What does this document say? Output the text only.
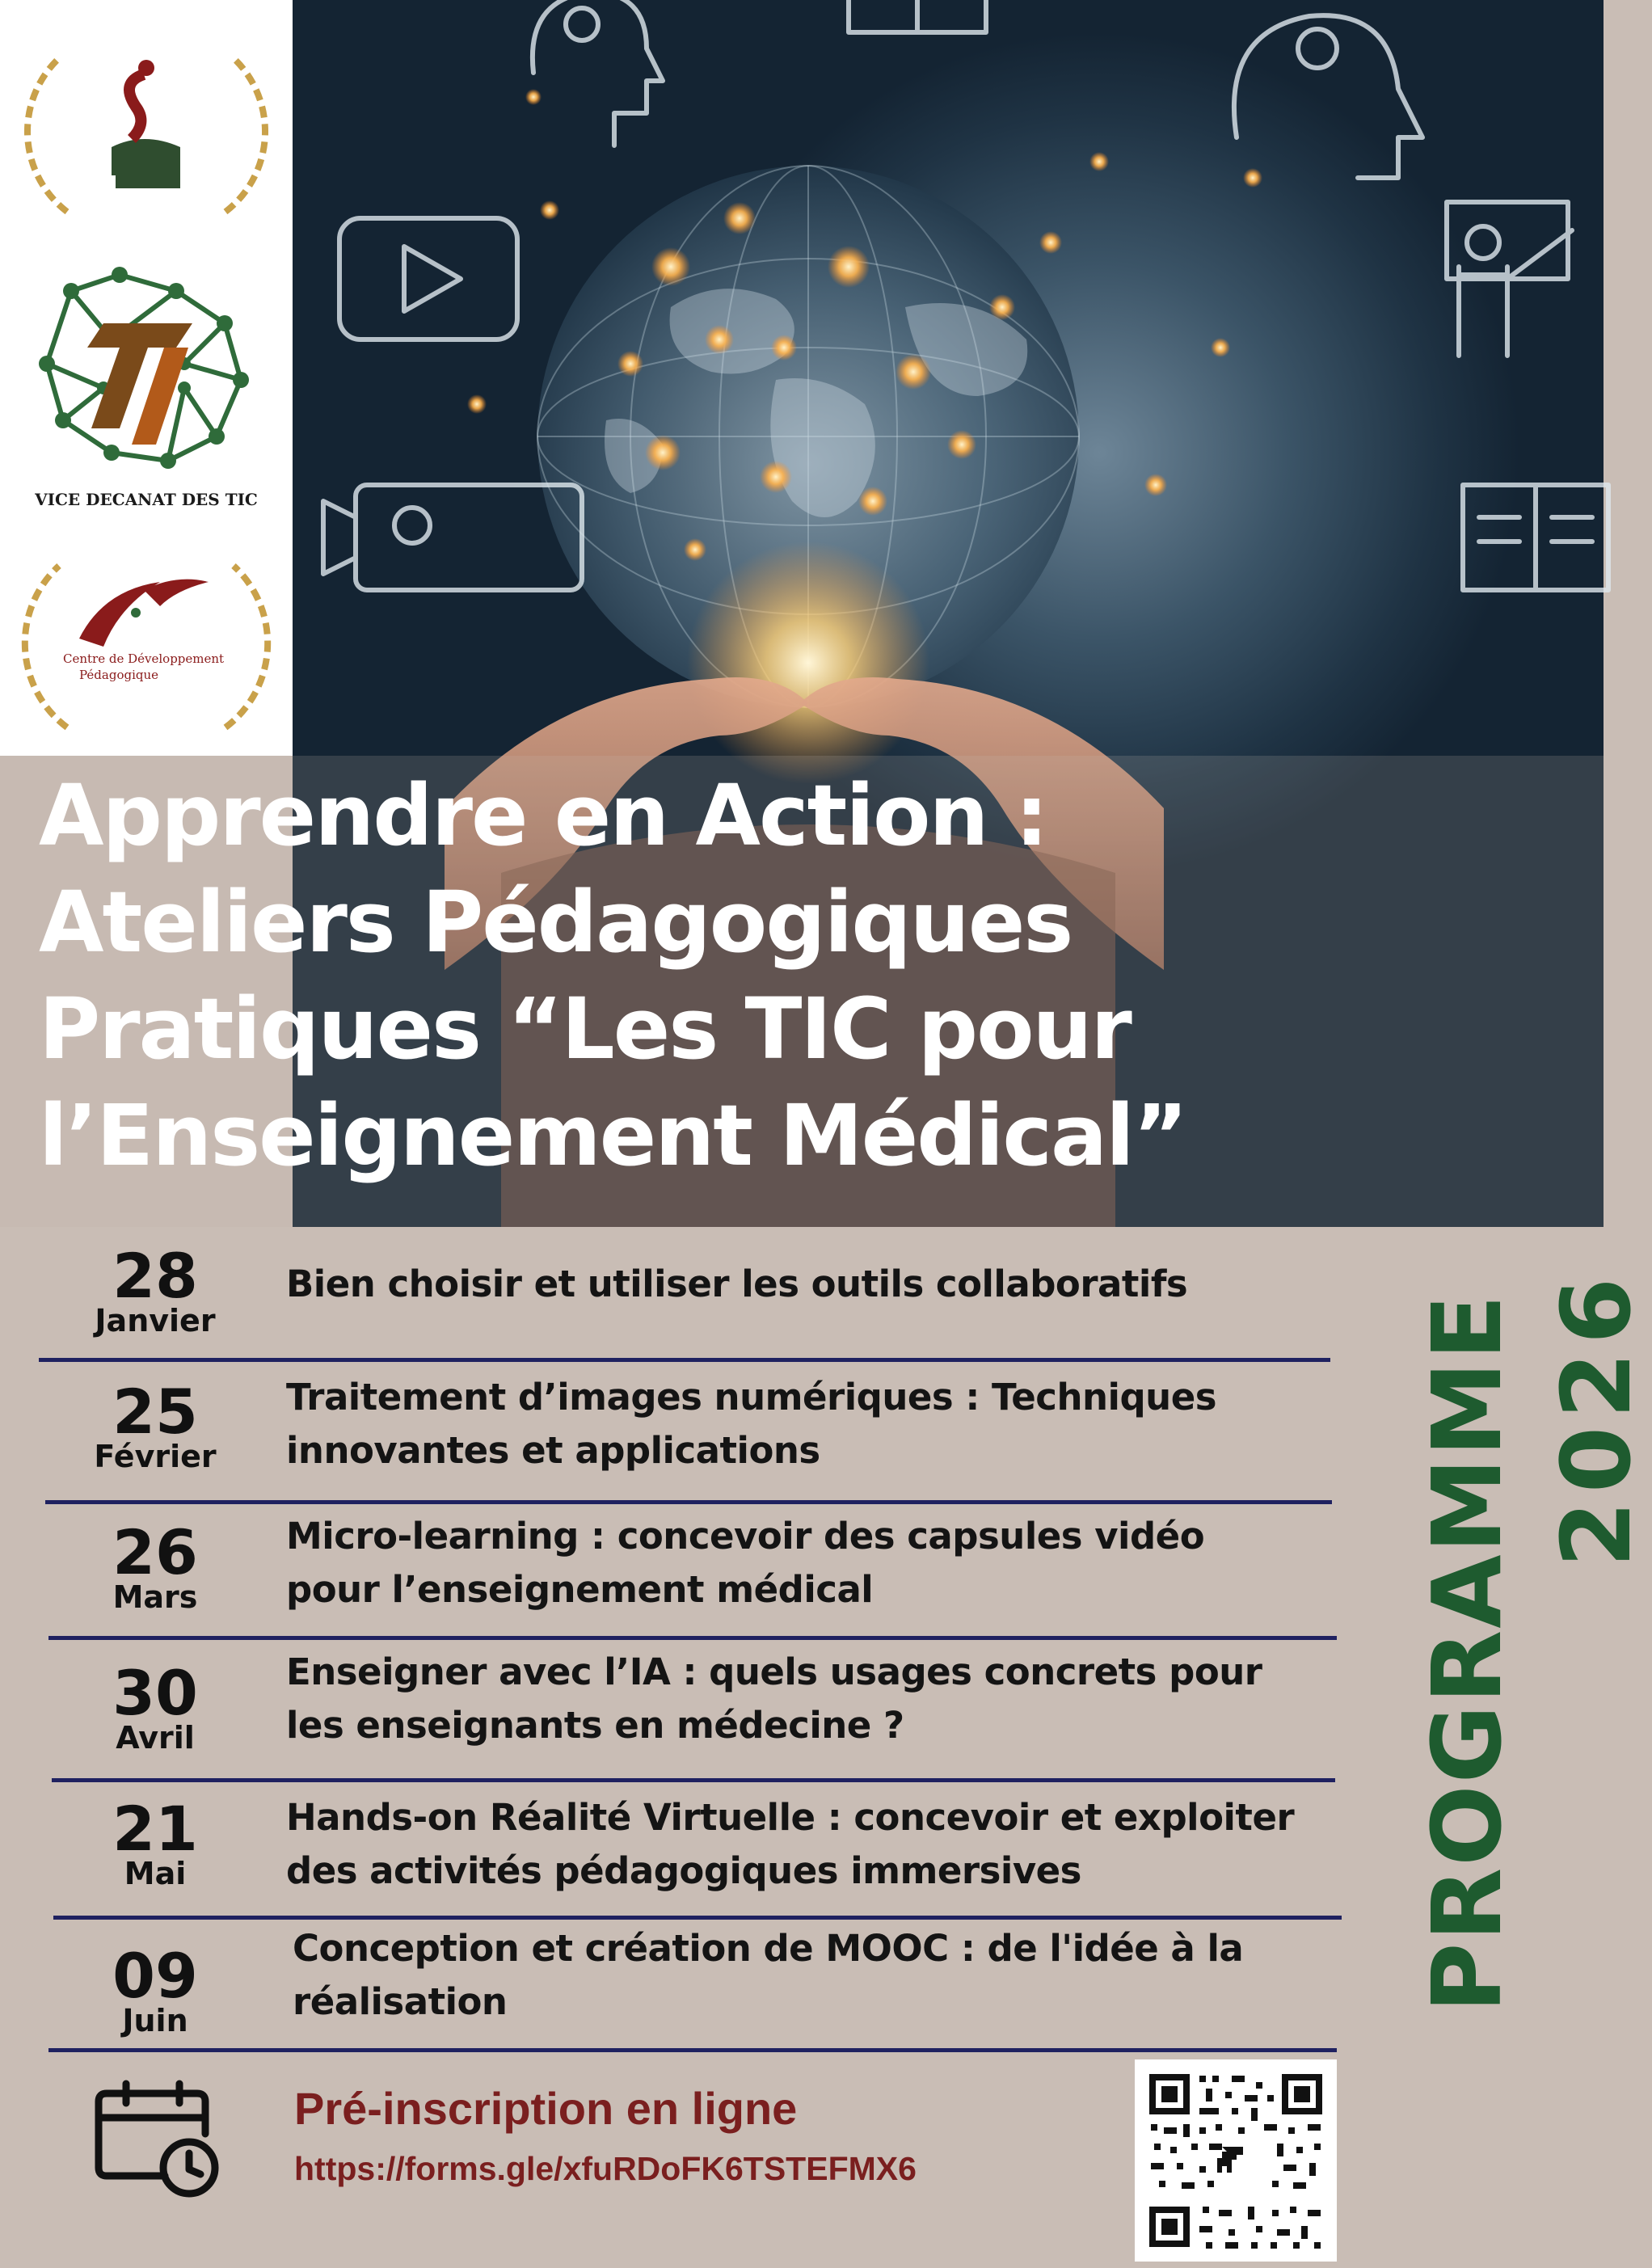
VICE DECANAT DES TIC
Centre de Développement
Pédagogique
Apprendre en Action :
Ateliers Pédagogiques
Pratiques “Les TIC pour
l’Enseignement Médical”
28
Janvier

Bien choisir et utiliser les outils collaboratifs

25
Février

Traitement d’images numériques : Techniques
innovantes et applications

26
Mars

Micro-learning : concevoir des capsules vidéo
pour l’enseignement médical

30
Avril

Enseigner avec l’IA : quels usages concrets pour
les enseignants en médecine ?

21
Mai

Hands-on Réalité Virtuelle : concevoir et exploiter
des activités pédagogiques immersives

09
Juin

Conception et création de MOOC : de l'idée à la
réalisation	PROGRAMME 2026

Pré-inscription en ligne

https://forms.gle/xfuRDoFK6TSTEFMX6
